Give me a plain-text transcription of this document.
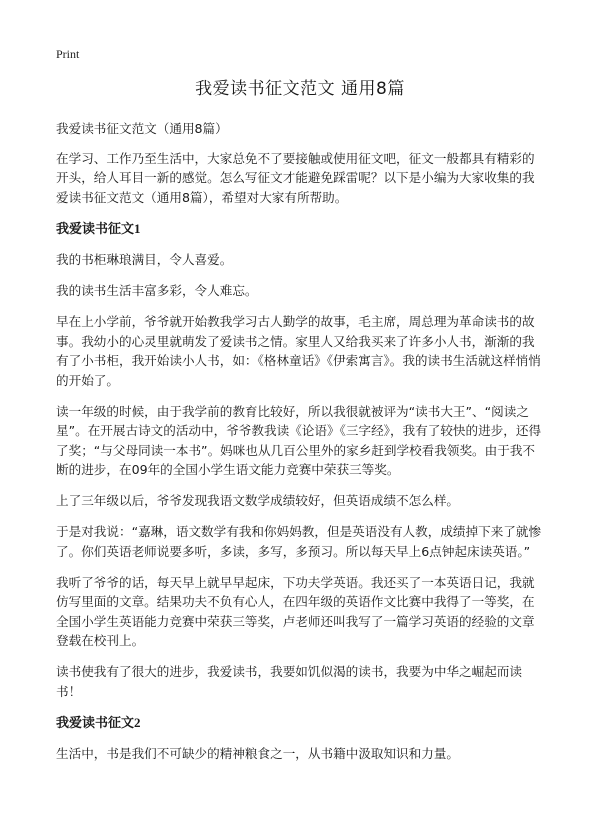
Print
我爱读书征文范文 通用8篇

我爱读书征文范文（通用8篇）

在学习、工作乃至生活中，大家总免不了要接触或使用征文吧，征文一般都具有精彩的开头，给人耳目一新的感觉。怎么写征文才能避免踩雷呢？以下是小编为大家收集的我爱读书征文范文（通用8篇），希望对大家有所帮助。

我爱读书征文1

我的书柜琳琅满目，令人喜爱。

我的读书生活丰富多彩，令人难忘。

早在上小学前，爷爷就开始教我学习古人勤学的故事，毛主席，周总理为革命读书的故事。我幼小的心灵里就萌发了爱读书之情。家里人又给我买来了许多小人书，渐渐的我有了小书柜，我开始读小人书，如：《格林童话》《伊索寓言》。我的读书生活就这样悄悄的开始了。

读一年级的时候，由于我学前的教育比较好，所以我很就被评为“读书大王”、“阅读之星”。在开展古诗文的活动中，爷爷教我读《论语》《三字经》，我有了较快的进步，还得了奖；“与父母同读一本书”。妈咪也从几百公里外的家乡赶到学校看我领奖。由于我不断的进步，在09年的全国小学生语文能力竞赛中荣获三等奖。

上了三年级以后，爷爷发现我语文数学成绩较好，但英语成绩不怎么样。

于是对我说：“嘉琳，语文数学有我和你妈妈教，但是英语没有人教，成绩掉下来了就惨了。你们英语老师说要多听，多读，多写，多预习。所以每天早上6点钟起床读英语。”

我听了爷爷的话，每天早上就早早起床，下功夫学英语。我还买了一本英语日记，我就仿写里面的文章。结果功夫不负有心人，在四年级的英语作文比赛中我得了一等奖，在全国小学生英语能力竞赛中荣获三等奖，卢老师还叫我写了一篇学习英语的经验的文章登载在校刊上。

读书使我有了很大的进步，我爱读书，我要如饥似渴的读书，我要为中华之崛起而读书！

我爱读书征文2

生活中，书是我们不可缺少的精神粮食之一，从书籍中汲取知识和力量。
